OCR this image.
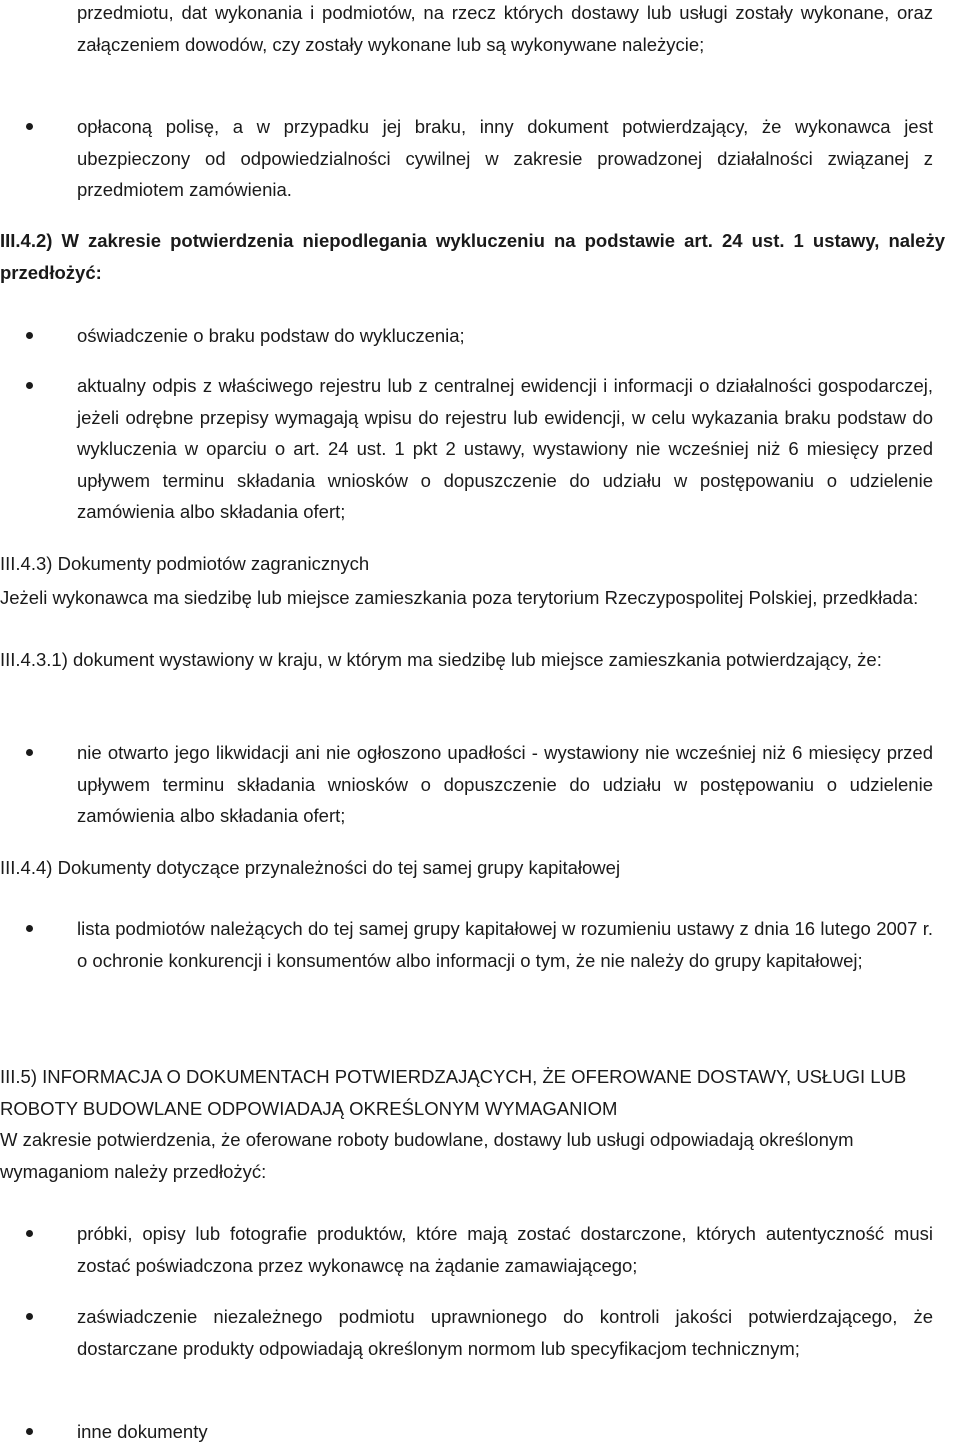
przedmiotu, dat wykonania i podmiotów, na rzecz których dostawy lub usługi zostały wykonane, oraz załączeniem dowodów, czy zostały wykonane lub są wykonywane należycie;

opłaconą polisę, a w przypadku jej braku, inny dokument potwierdzający, że wykonawca jest ubezpieczony od odpowiedzialności cywilnej w zakresie prowadzonej działalności związanej z przedmiotem zamówienia.

III.4.2) W zakresie potwierdzenia niepodlegania wykluczeniu na podstawie art. 24 ust. 1 ustawy, należy przedłożyć:

oświadczenie o braku podstaw do wykluczenia;

aktualny odpis z właściwego rejestru lub z centralnej ewidencji i informacji o działalności gospodarczej, jeżeli odrębne przepisy wymagają wpisu do rejestru lub ewidencji, w celu wykazania braku podstaw do wykluczenia w oparciu o art. 24 ust. 1 pkt 2 ustawy, wystawiony nie wcześniej niż 6 miesięcy przed upływem terminu składania wniosków o dopuszczenie do udziału w postępowaniu o udzielenie zamówienia albo składania ofert;

III.4.3) Dokumenty podmiotów zagranicznych

Jeżeli wykonawca ma siedzibę lub miejsce zamieszkania poza terytorium Rzeczypospolitej Polskiej, przedkłada:

III.4.3.1) dokument wystawiony w kraju, w którym ma siedzibę lub miejsce zamieszkania potwierdzający, że:

nie otwarto jego likwidacji ani nie ogłoszono upadłości - wystawiony nie wcześniej niż 6 miesięcy przed upływem terminu składania wniosków o dopuszczenie do udziału w postępowaniu o udzielenie zamówienia albo składania ofert;

III.4.4) Dokumenty dotyczące przynależności do tej samej grupy kapitałowej

lista podmiotów należących do tej samej grupy kapitałowej w rozumieniu ustawy z dnia 16 lutego 2007 r. o ochronie konkurencji i konsumentów albo informacji o tym, że nie należy do grupy kapitałowej;

III.5) INFORMACJA O DOKUMENTACH POTWIERDZAJĄCYCH, ŻE OFEROWANE DOSTAWY, USŁUGI LUB ROBOTY BUDOWLANE ODPOWIADAJĄ OKREŚLONYM WYMAGANIOM

W zakresie potwierdzenia, że oferowane roboty budowlane, dostawy lub usługi odpowiadają określonym wymaganiom należy przedłożyć:

próbki, opisy lub fotografie produktów, które mają zostać dostarczone, których autentyczność musi zostać poświadczona przez wykonawcę na żądanie zamawiającego;

zaświadczenie niezależnego podmiotu uprawnionego do kontroli jakości potwierdzającego, że dostarczane produkty odpowiadają określonym normom lub specyfikacjom technicznym;

inne dokumenty
